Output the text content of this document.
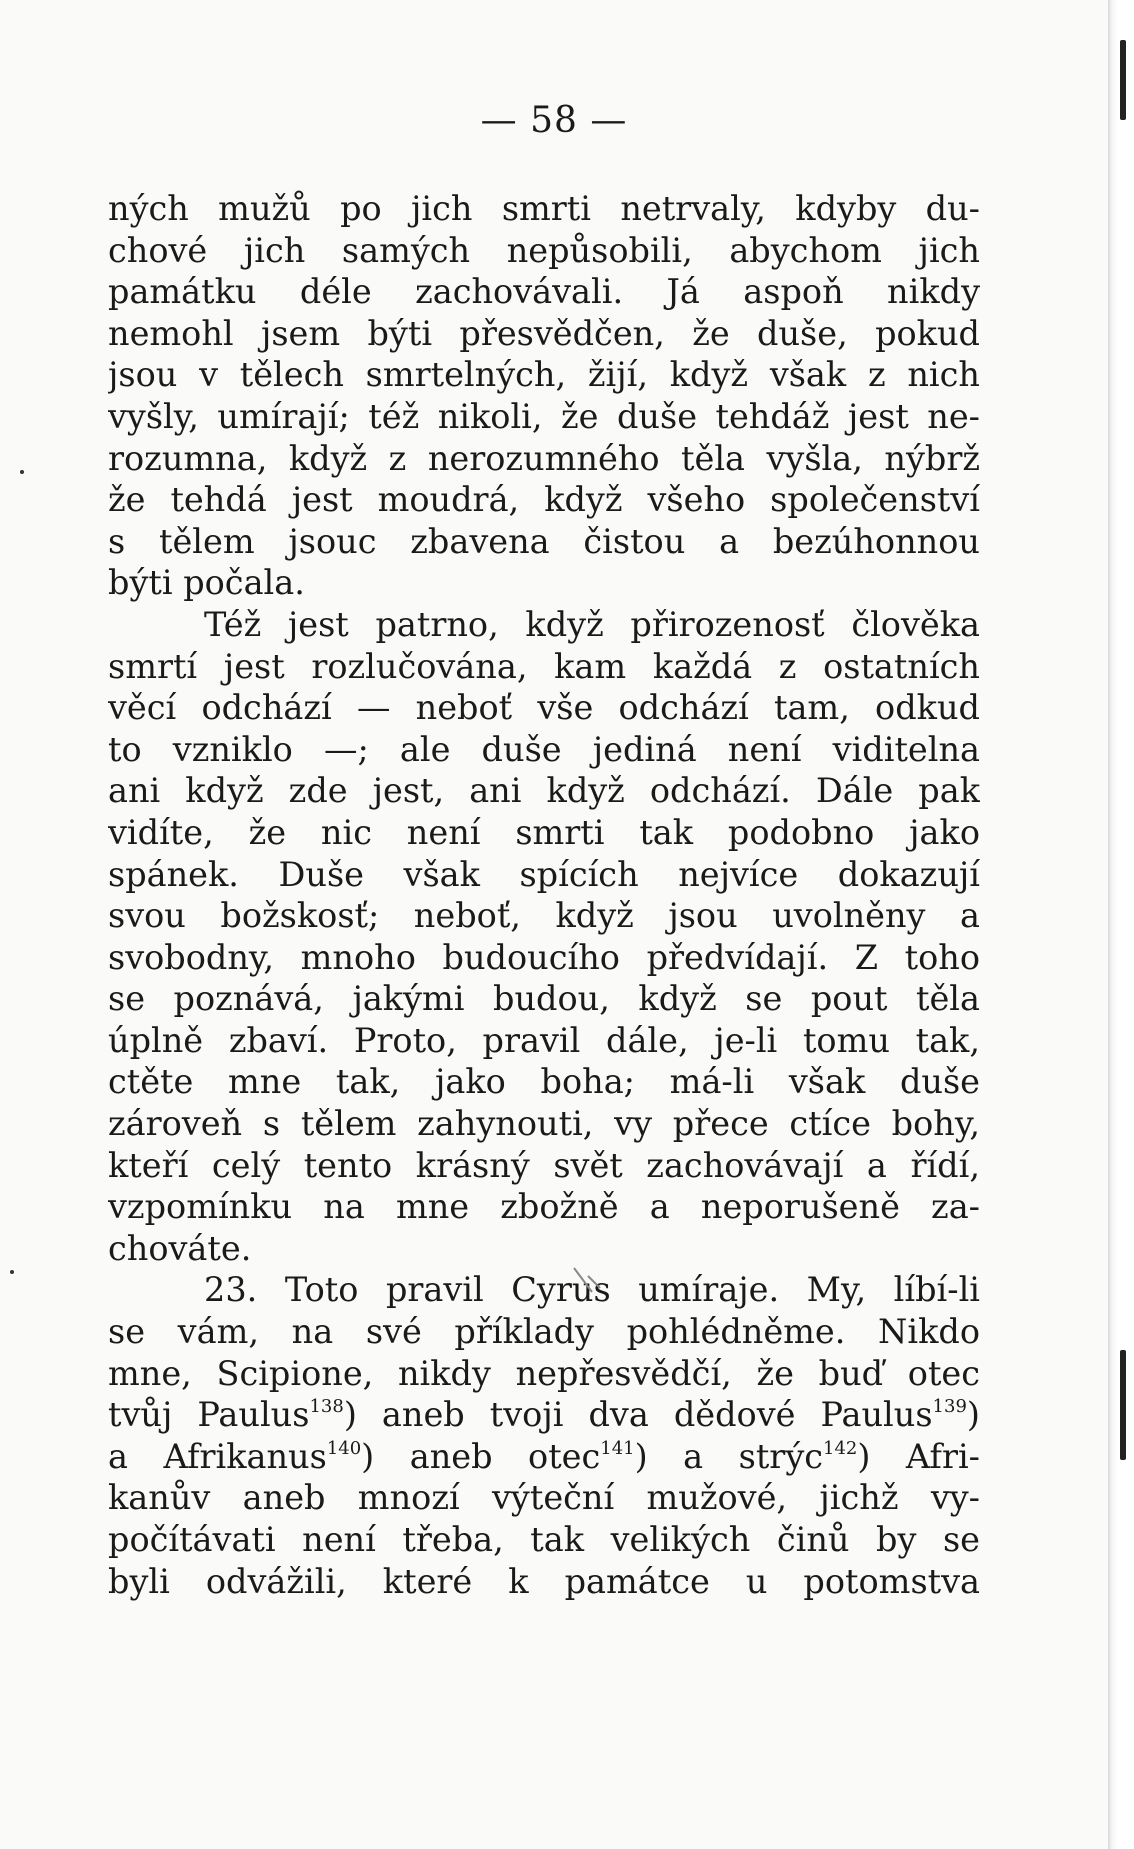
— 58 —
ných mužů po jich smrti netrvaly, kdyby du-
chové jich samých nepůsobili, abychom jich
památku déle zachovávali. Já aspoň nikdy
nemohl jsem býti přesvědčen, že duše, pokud
jsou v tělech smrtelných, žijí, když však z nich
vyšly, umírají; též nikoli, že duše tehdáž jest ne-
rozumna, když z nerozumného těla vyšla, nýbrž
že tehdá jest moudrá, když všeho společenství
s tělem jsouc zbavena čistou a bezúhonnou
býti počala.
Též jest patrno, když přirozenosť člověka
smrtí jest rozlučována, kam každá z ostatních
věcí odchází — neboť vše odchází tam, odkud
to vzniklo —; ale duše jediná není viditelna
ani když zde jest, ani když odchází. Dále pak
vidíte, že nic není smrti tak podobno jako
spánek. Duše však spících nejvíce dokazují
svou božskosť; neboť, když jsou uvolněny a
svobodny, mnoho budoucího předvídají. Z toho
se poznává, jakými budou, když se pout těla
úplně zbaví. Proto, pravil dále, je-li tomu tak,
ctěte mne tak, jako boha; má-li však duše
zároveň s tělem zahynouti, vy přece ctíce bohy,
kteří celý tento krásný svět zachovávají a řídí,
vzpomínku na mne zbožně a neporušeně za-
chováte.
23. Toto pravil Cyrus umíraje. My, líbí-li
se vám, na své příklady pohlédněme. Nikdo
mne, Scipione, nikdy nepřesvědčí, že buď otec
tvůj Paulus$^{138}$) aneb tvoji dva dědové Paulus$^{139}$)
a Afrikanus$^{140}$) aneb otec$^{141}$) a strýc$^{142}$) Afri-
kanův aneb mnozí výteční mužové, jichž vy-
počítávati není třeba, tak velikých činů by se
byli odvážili, které k památce u potomstva
